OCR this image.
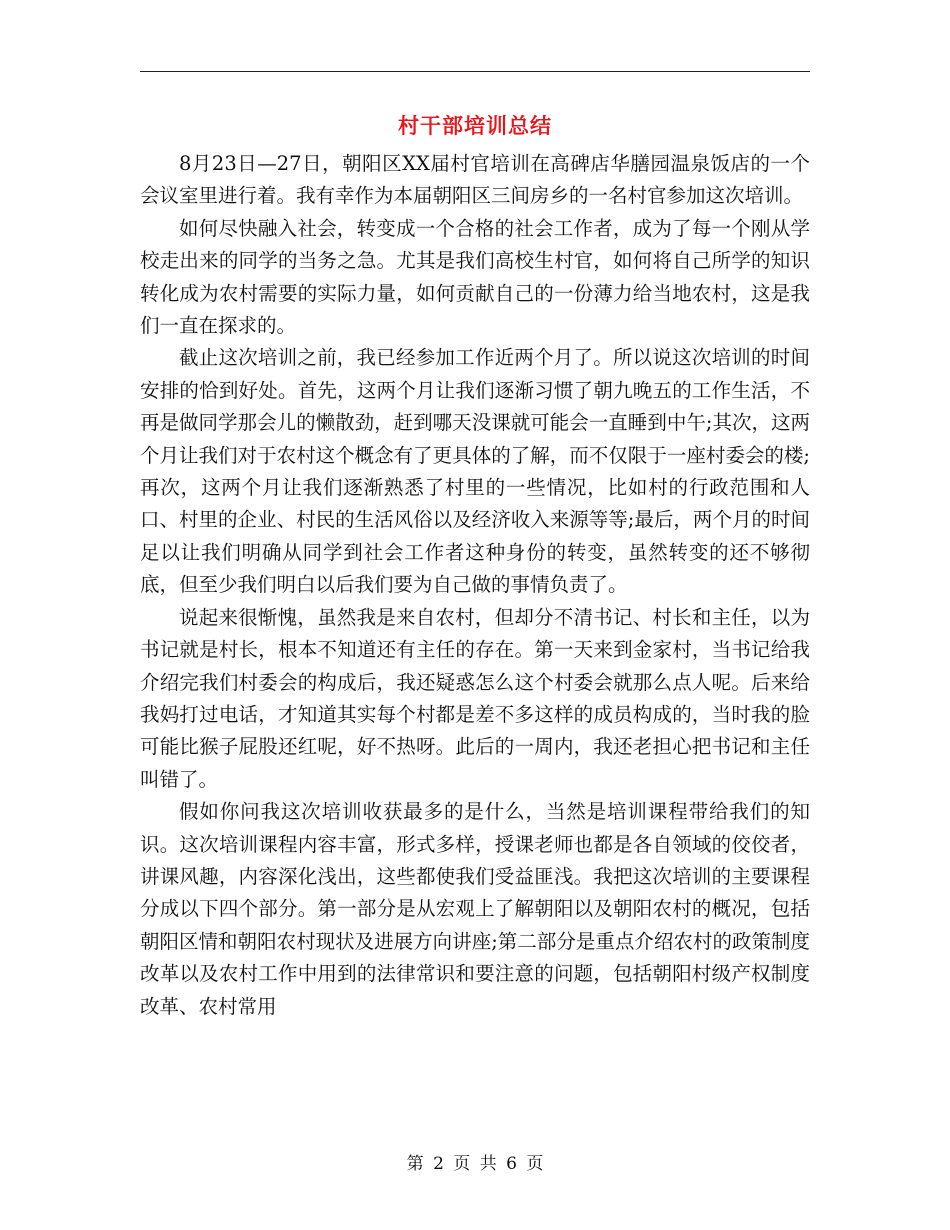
村干部培训总结

8月23日—27日，朝阳区XX届村官培训在高碑店华膳园温泉饭店的一个会议室里进行着。我有幸作为本届朝阳区三间房乡的一名村官参加这次培训。

如何尽快融入社会，转变成一个合格的社会工作者，成为了每一个刚从学校走出来的同学的当务之急。尤其是我们高校生村官，如何将自己所学的知识转化成为农村需要的实际力量，如何贡献自己的一份薄力给当地农村，这是我们一直在探求的。

截止这次培训之前，我已经参加工作近两个月了。所以说这次培训的时间安排的恰到好处。首先，这两个月让我们逐渐习惯了朝九晚五的工作生活，不再是做同学那会儿的懒散劲，赶到哪天没课就可能会一直睡到中午;其次，这两个月让我们对于农村这个概念有了更具体的了解，而不仅限于一座村委会的楼;再次，这两个月让我们逐渐熟悉了村里的一些情况，比如村的行政范围和人口、村里的企业、村民的生活风俗以及经济收入来源等等;最后，两个月的时间足以让我们明确从同学到社会工作者这种身份的转变，虽然转变的还不够彻底，但至少我们明白以后我们要为自己做的事情负责了。

说起来很惭愧，虽然我是来自农村，但却分不清书记、村长和主任，以为书记就是村长，根本不知道还有主任的存在。第一天来到金家村，当书记给我介绍完我们村委会的构成后，我还疑惑怎么这个村委会就那么点人呢。后来给我妈打过电话，才知道其实每个村都是差不多这样的成员构成的，当时我的脸可能比猴子屁股还红呢，好不热呀。此后的一周内，我还老担心把书记和主任叫错了。

假如你问我这次培训收获最多的是什么，当然是培训课程带给我们的知识。这次培训课程内容丰富，形式多样，授课老师也都是各自领域的佼佼者，讲课风趣，内容深化浅出，这些都使我们受益匪浅。我把这次培训的主要课程分成以下四个部分。第一部分是从宏观上了解朝阳以及朝阳农村的概况，包括朝阳区情和朝阳农村现状及进展方向讲座;第二部分是重点介绍农村的政策制度改革以及农村工作中用到的法律常识和要注意的问题，包括朝阳村级产权制度改革、农村常用

第 2 页 共 6 页
